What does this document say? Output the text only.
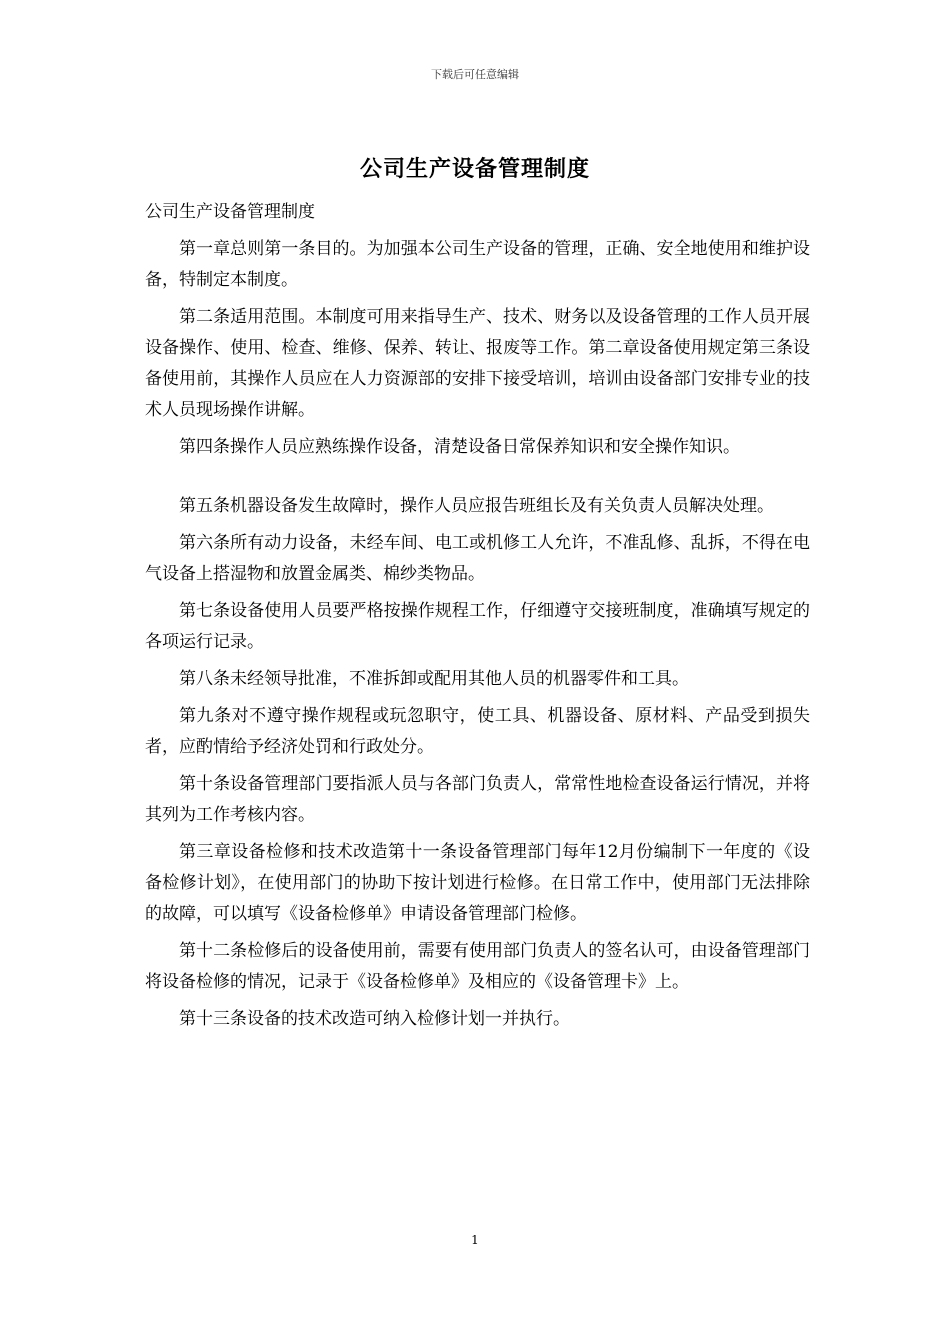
下载后可任意编辑
公司生产设备管理制度

公司生产设备管理制度

第一章总则第一条目的。为加强本公司生产设备的管理，正确、安全地使用和维护设备，特制定本制度。

第二条适用范围。本制度可用来指导生产、技术、财务以及设备管理的工作人员开展设备操作、使用、检查、维修、保养、转让、报废等工作。第二章设备使用规定第三条设备使用前，其操作人员应在人力资源部的安排下接受培训，培训由设备部门安排专业的技术人员现场操作讲解。

第四条操作人员应熟练操作设备，清楚设备日常保养知识和安全操作知识。

第五条机器设备发生故障时，操作人员应报告班组长及有关负责人员解决处理。

第六条所有动力设备，未经车间、电工或机修工人允许，不准乱修、乱拆，不得在电气设备上搭湿物和放置金属类、棉纱类物品。

第七条设备使用人员要严格按操作规程工作，仔细遵守交接班制度，准确填写规定的各项运行记录。

第八条未经领导批准，不准拆卸或配用其他人员的机器零件和工具。

第九条对不遵守操作规程或玩忽职守，使工具、机器设备、原材料、产品受到损失者，应酌情给予经济处罚和行政处分。

第十条设备管理部门要指派人员与各部门负责人，常常性地检查设备运行情况，并将其列为工作考核内容。

第三章设备检修和技术改造第十一条设备管理部门每年12月份编制下一年度的《设备检修计划》，在使用部门的协助下按计划进行检修。在日常工作中，使用部门无法排除的故障，可以填写《设备检修单》申请设备管理部门检修。

第十二条检修后的设备使用前，需要有使用部门负责人的签名认可，由设备管理部门将设备检修的情况，记录于《设备检修单》及相应的《设备管理卡》上。

第十三条设备的技术改造可纳入检修计划一并执行。

1
